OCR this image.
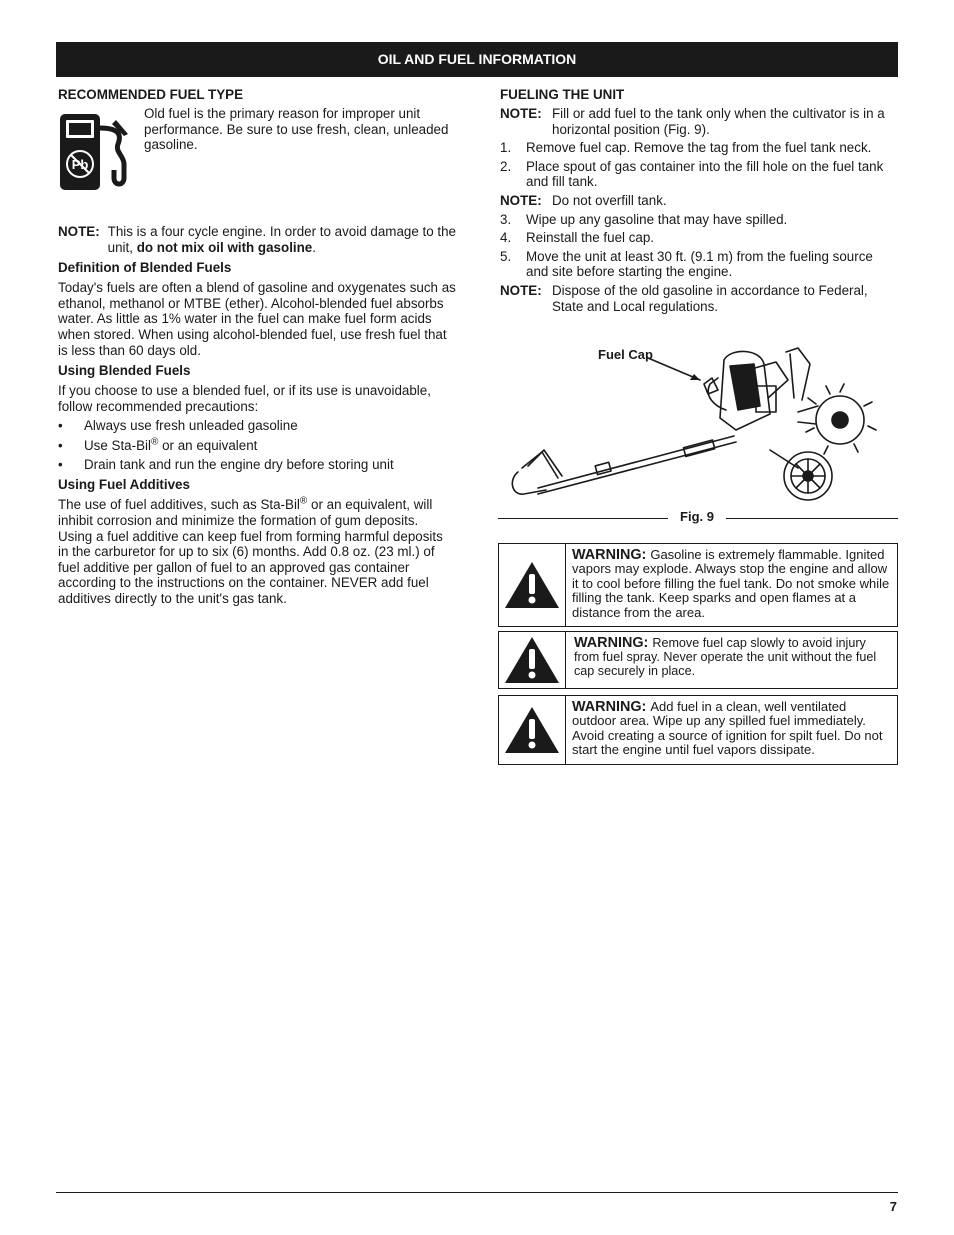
OIL AND FUEL INFORMATION
RECOMMENDED FUEL TYPE
Pb

Old fuel is the primary reason for improper unit performance. Be sure to use fresh, clean, unleaded gasoline.

NOTE: This is a four cycle engine. In order to avoid damage to the unit, do not mix oil with gasoline.
Definition of Blended Fuels

Today's fuels are often a blend of gasoline and oxygenates such as ethanol, methanol or MTBE (ether). Alcohol-blended fuel absorbs water. As little as 1% water in the fuel can make fuel form acids when stored. When using alcohol-blended fuel, use fresh fuel that is less than 60 days old.

Using Blended Fuels

If you choose to use a blended fuel, or if its use is unavoidable, follow recommended precautions:

•	Always use fresh unleaded gasoline
•	Use Sta-Bil® or an equivalent
•	Drain tank and run the engine dry before storing unit
Using Fuel Additives

The use of fuel additives, such as Sta-Bil® or an equivalent, will inhibit corrosion and minimize the formation of gum deposits. Using a fuel additive can keep fuel from forming harmful deposits in the carburetor for up to six (6) months. Add 0.8 oz. (23 ml.) of fuel additive per gallon of fuel to an approved gas container according to the instructions on the container. NEVER add fuel additives directly to the unit's gas tank.

FUELING THE UNIT
NOTE: Fill or add fuel to the tank only when the cultivator is in a horizontal position (Fig. 9).
1.	Remove fuel cap. Remove the tag from the fuel tank neck.
2.	Place spout of gas container into the fill hole on the fuel tank and fill tank.
NOTE: Do not overfill tank.
3.	Wipe up any gasoline that may have spilled.
4.	Reinstall the fuel cap.
5.	Move the unit at least 30 ft. (9.1 m) from the fueling source and site before starting the engine.
NOTE: Dispose of the old gasoline in accordance to Federal, State and Local regulations.
Fuel Cap
Fig. 9
WARNING: Gasoline is extremely flammable. Ignited vapors may explode. Always stop the engine and allow it to cool before filling the fuel tank. Do not smoke while filling the tank. Keep sparks and open flames at a distance from the area.
WARNING: Remove fuel cap slowly to avoid injury from fuel spray. Never operate the unit without the fuel cap securely in place.
WARNING: Add fuel in a clean, well ventilated outdoor area. Wipe up any spilled fuel immediately. Avoid creating a source of ignition for spilt fuel. Do not start the engine until fuel vapors dissipate.
7
